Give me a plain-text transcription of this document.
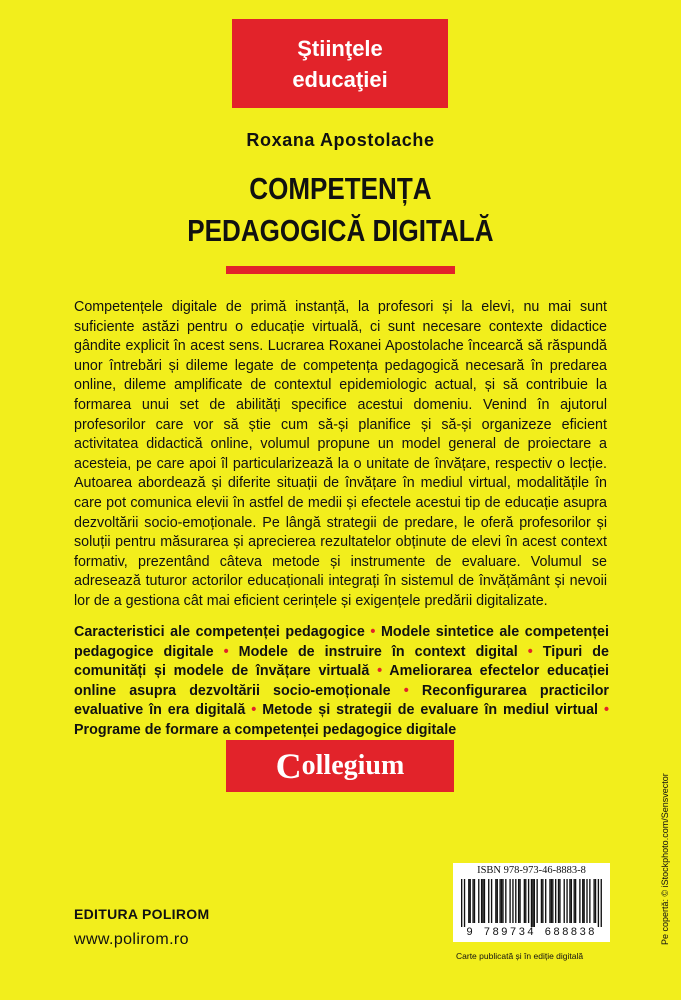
Ştiinţele
educaţiei
Roxana Apostolache
COMPETENȚA
PEDAGOGICĂ DIGITALĂ
Competențele digitale de primă instanță, la profesori și la elevi, nu mai sunt suficiente astăzi pentru o educație virtuală, ci sunt necesare contexte didactice gândite explicit în acest sens. Lucrarea Roxanei Apostolache încearcă să răspundă unor întrebări și dileme legate de competența pedagogică necesară în predarea online, dileme amplificate de contextul epidemiologic actual, și să contribuie la formarea unui set de abilități specifice acestui domeniu. Venind în ajutorul profesorilor care vor să știe cum să-și planifice și să-și organizeze eficient activitatea didactică online, volumul propune un model general de proiectare a acesteia, pe care apoi îl particularizează la o unitate de învățare, respectiv o lecție. Autoarea abordează și diferite situații de învățare în mediul virtual, modalitățile în care pot comunica elevii în astfel de medii și efectele acestui tip de educație asupra dezvoltării socio-emoționale. Pe lângă strategii de predare, le oferă profesorilor și soluții pentru măsurarea și aprecierea rezultatelor obținute de elevi în acest context formativ, prezentând câteva metode și instrumente de evaluare. Volumul se adresează tuturor actorilor educaționali integrați în sistemul de învățământ și nevoii lor de a gestiona cât mai eficient cerințele și exigențele predării digitalizate.
Caracteristici ale competenței pedagogice • Modele sintetice ale competenței pedagogice digitale • Modele de instruire în context digital • Tipuri de comunități și modele de învățare virtuală • Ameliorarea efectelor educației online asupra dezvoltării socio-emoționale • Reconfigurarea practicilor evaluative în era digitală • Metode și strategii de evaluare în mediul virtual • Programe de formare a competenței pedagogice digitale
C ollegium
EDITURA POLIROM
www.polirom.ro
ISBN 978-973-46-8883-8
9 789734 688838
Carte publicată și în ediție digitală
Pe copertă: © iStockphoto.com/Sensvector
